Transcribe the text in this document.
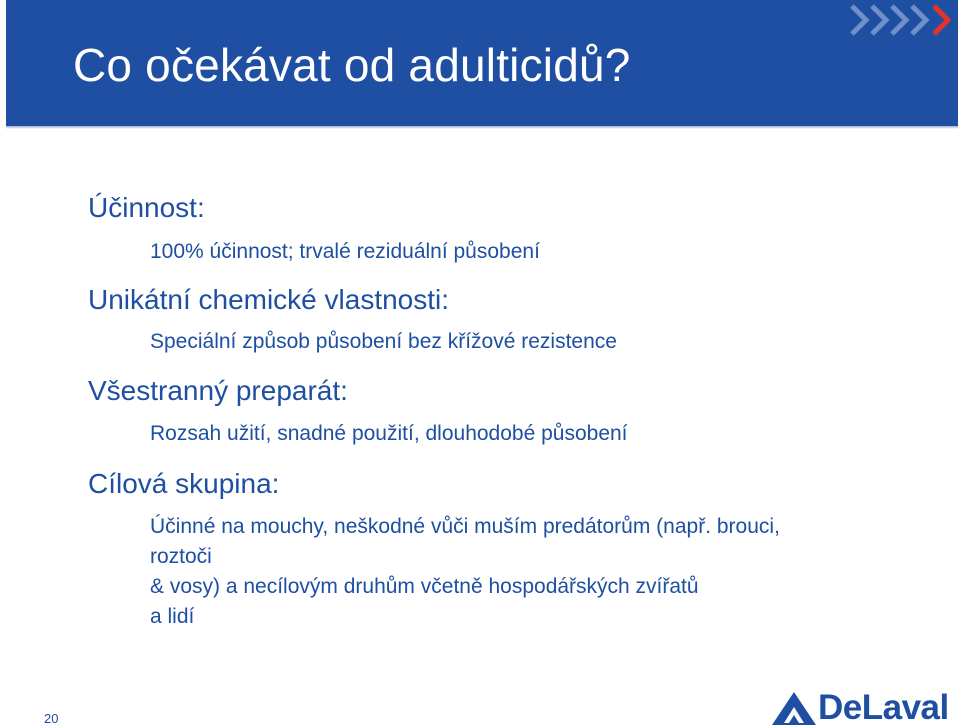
Co očekávat od adulticidů?
Účinnost:
100% účinnost; trvalé reziduální působení
Unikátní chemické vlastnosti:
Speciální způsob působení bez křížové rezistence
Všestranný preparát:
Rozsah užití, snadné použití, dlouhodobé působení
Cílová skupina:
Účinné na mouchy, neškodné vůči muším predátorům (např. brouci,
roztoči
& vosy) a necílovým druhům včetně hospodářských zvířatů
a lidí
20	DeLaval
